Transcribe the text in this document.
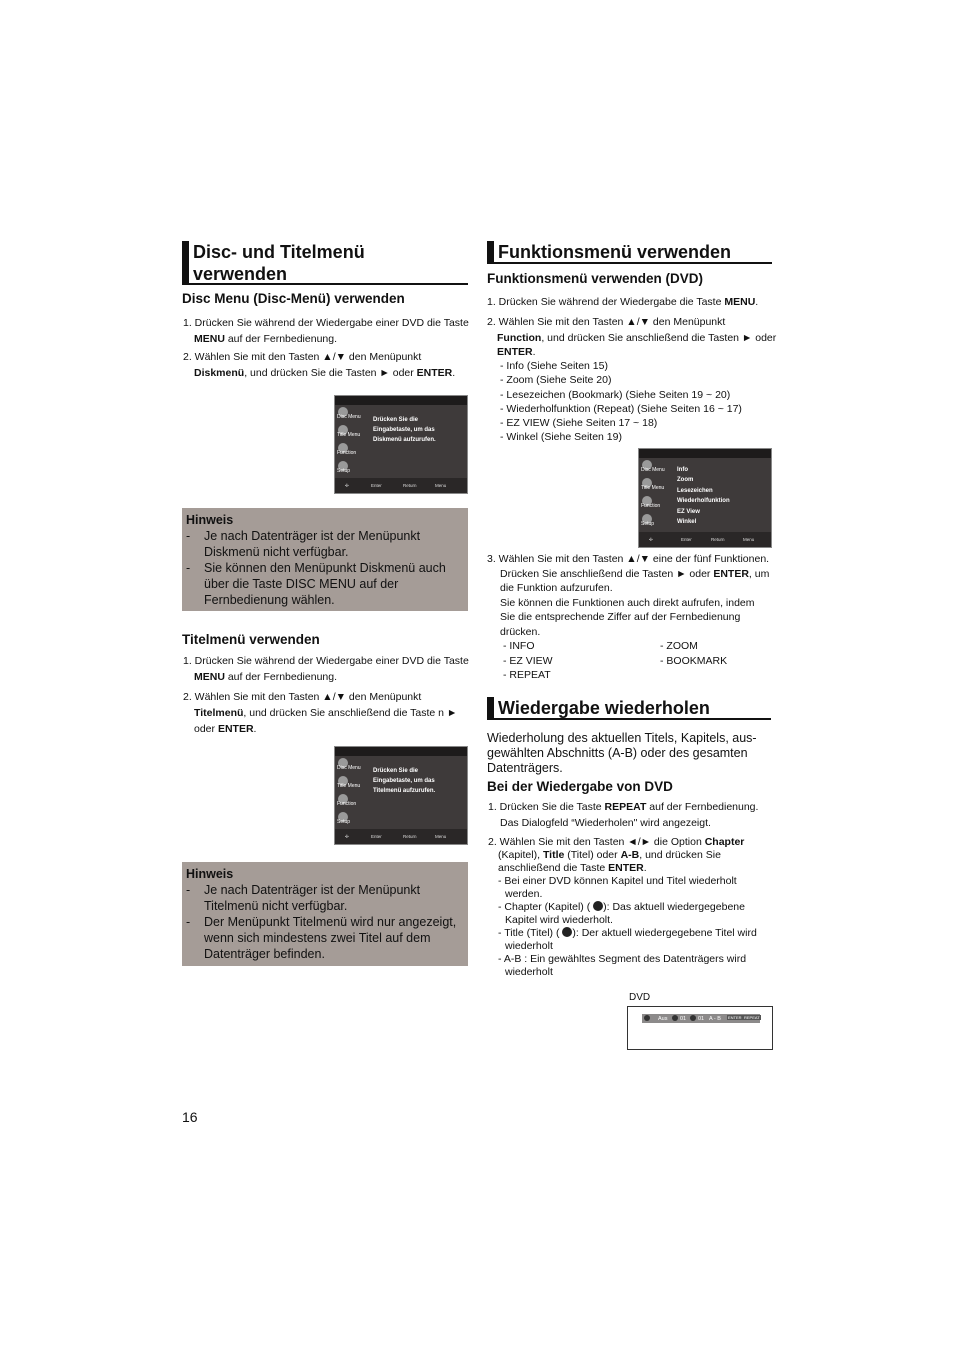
Disc- und Titelmenü
verwenden
Disc Menu (Disc-Menü) verwenden
1. Drücken Sie während der Wiedergabe einer DVD die Taste
MENU auf der Fernbedienung.
2. Wählen Sie mit den Tasten ▲/▼ den Menüpunkt
Diskmenü, und drücken Sie die Tasten ► oder ENTER.
Disc Menu
Title Menu
Function
Setup
Drücken Sie die
Eingabetaste, um das
Diskmenü aufzurufen.
✣	Enter	Return	Menu
Hinweis
-	Je nach Datenträger ist der Menüpunkt
Diskmenü nicht verfügbar.
-	Sie können den Menüpunkt Diskmenü auch
über die Taste DISC MENU auf der
Fernbedienung wählen.
Titelmenü verwenden
1. Drücken Sie während der Wiedergabe einer DVD die Taste
MENU auf der Fernbedienung.
2. Wählen Sie mit den Tasten ▲/▼ den Menüpunkt
Titelmenü, und drücken Sie anschließend die Taste n ►
oder ENTER.
Disc Menu
Title Menu
Function
Setup
Drücken Sie die
Eingabetaste, um das
Titelmenü aufzurufen.
✣	Enter	Return	Menu
Hinweis
-	Je nach Datenträger ist der Menüpunkt
Titelmenü nicht verfügbar.
-	Der Menüpunkt Titelmenü wird nur angezeigt,
wenn sich mindestens zwei Titel auf dem
Datenträger befinden.
16
Funktionsmenü verwenden
Funktionsmenü verwenden (DVD)
1. Drücken Sie während der Wiedergabe die Taste MENU.
2. Wählen Sie mit den Tasten ▲/▼ den Menüpunkt
Function, und drücken Sie anschließend die Tasten ► oder
ENTER.
- Info (Siehe Seiten 15)
- Zoom (Siehe Seite 20)
- Lesezeichen (Bookmark) (Siehe Seiten 19 ~ 20)
- Wiederholfunktion (Repeat) (Siehe Seiten 16 ~ 17)
- EZ VIEW (Siehe Seiten 17 ~ 18)
- Winkel (Siehe Seiten 19)
Disc Menu
Title Menu
Function
Setup
Info
Zoom
Lesezeichen
Wiederholfunktion
EZ View
Winkel
✣	Enter	Return	Menu
3. Wählen Sie mit den Tasten ▲/▼ eine der fünf Funktionen.
Drücken Sie anschließend die Tasten ► oder ENTER, um
die Funktion aufzurufen.
Sie können die Funktionen auch direkt aufrufen, indem
Sie die entsprechende Ziffer auf der Fernbedienung
drücken.
- INFO
- EZ VIEW
- REPEAT
- ZOOM
- BOOKMARK
Wiedergabe wiederholen
Wiederholung des aktuellen Titels, Kapitels, aus-
gewählten Abschnitts (A-B) oder des gesamten
Datenträgers.
Bei der Wiedergabe von DVD
1. Drücken Sie die Taste REPEAT auf der Fernbedienung.
Das Dialogfeld “Wiederholen" wird angezeigt.
2. Wählen Sie mit den Tasten ◄/► die Option Chapter
(Kapitel), Title (Titel) oder A-B, und drücken Sie
anschließend die Taste ENTER.
- Bei einer DVD können Kapitel und Titel wiederholt
werden.
- Chapter (Kapitel) ( ): Das aktuell wiedergegebene
Kapitel wird wiederholt.
- Title (Titel) ( ): Der aktuell wiedergegebene Titel wird
wiederholt
- A-B : Ein gewähltes Segment des Datenträgers wird
wiederholt
DVD
Aus 01 01 A - B ENTER REPEAT
